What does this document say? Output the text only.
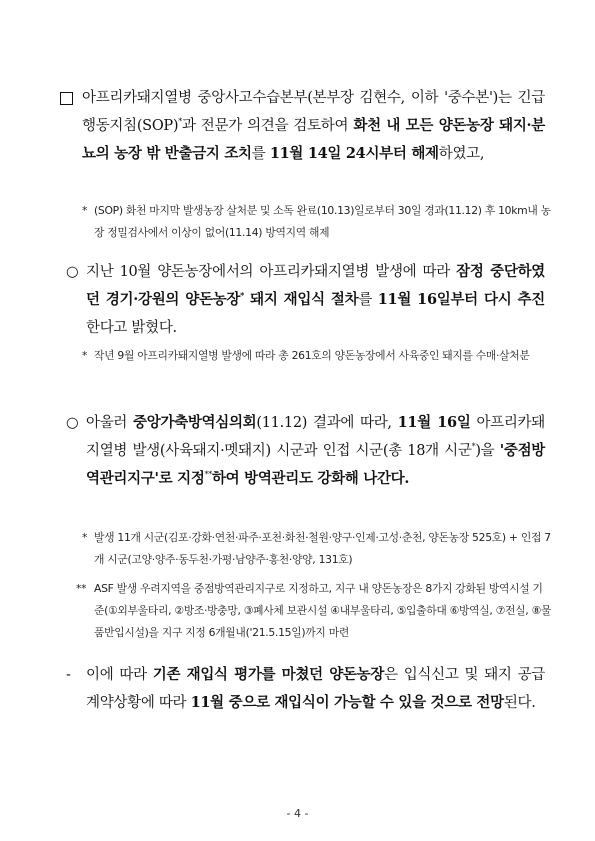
아프리카돼지열병 중앙사고수습본부(본부장 김현수, 이하 '중수본')는 긴급행동지침(SOP)*과 전문가 의견을 검토하여 화천 내 모든 양돈농장 돼지·분뇨의 농장 밖 반출금지 조치를 11월 14일 24시부터 해제하였고,
* (SOP) 화천 마지막 발생농장 살처분 및 소독 완료(10.13)일로부터 30일 경과(11.12) 후 10km내 농장 정밀검사에서 이상이 없어(11.14) 방역지역 해제
○ 지난 10월 양돈농장에서의 아프리카돼지열병 발생에 따라 잠정 중단하였던 경기·강원의 양돈농장* 돼지 재입식 절차를 11월 16일부터 다시 추진한다고 밝혔다.
* 작년 9월 아프리카돼지열병 발생에 따라 총 261호의 양돈농장에서 사육중인 돼지를 수매·살처분
○ 아울러 중앙가축방역심의회(11.12) 결과에 따라, 11월 16일 아프리카돼지열병 발생(사육돼지·멧돼지) 시군과 인접 시군(총 18개 시군*)을 '중점방역관리지구'로 지정**하여 방역관리도 강화해 나간다.
* 발생 11개 시군(김포·강화·연천·파주·포천·화천·철원·양구·인제·고성·춘천, 양돈농장 525호) + 인접 7개 시군(고양·양주·동두천·가평·남양주·홍천·양양, 131호)
** ASF 발생 우려지역을 중점방역관리지구로 지정하고, 지구 내 양돈농장은 8가지 강화된 방역시설 기준(①외부울타리, ②방조·방충망, ③폐사체 보관시설 ④내부울타리, ⑤입출하대 ⑥방역실, ⑦전실, ⑧물품반입시설)을 지구 지정 6개월내('21.5.15일)까지 마련
- 이에 따라 기존 재입식 평가를 마쳤던 양돈농장은 입식신고 및 돼지 공급 계약상황에 따라 11월 중으로 재입식이 가능할 수 있을 것으로 전망된다.
- 4 -
